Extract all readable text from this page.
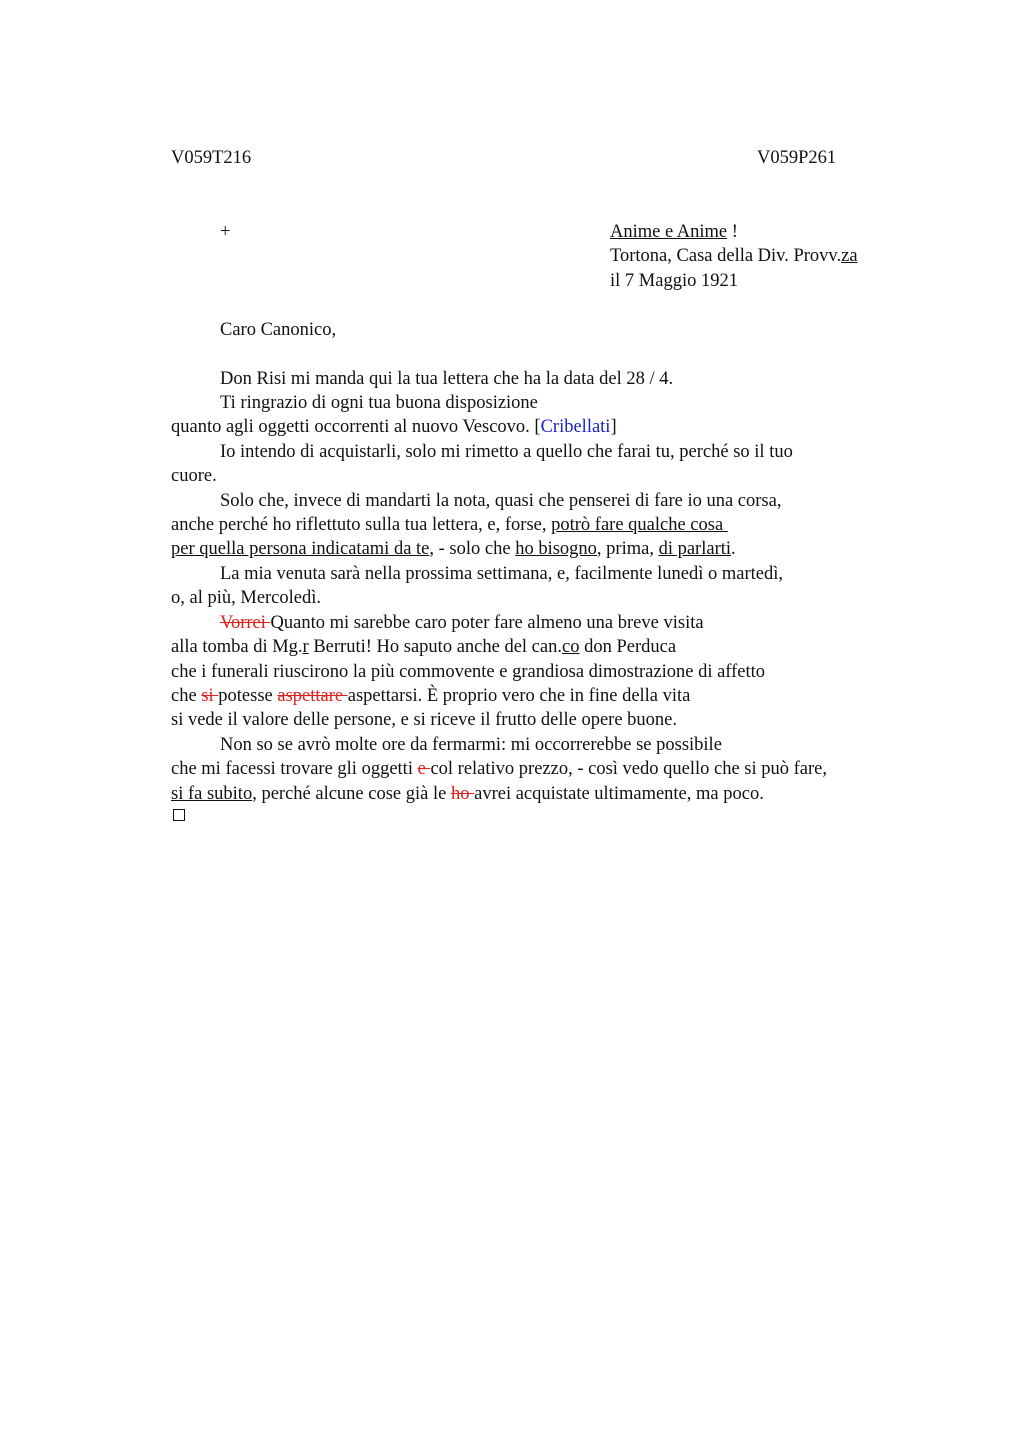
V059T216	V059P261
+	Anime e Anime !
Tortona, Casa della Div. Provv.za
il 7 Maggio 1921
Caro Canonico,
Don Risi mi manda qui la tua lettera che ha la data del 28 / 4.
Ti ringrazio di ogni tua buona disposizione
quanto agli oggetti occorrenti al nuovo Vescovo. [Cribellati]
Io intendo di acquistarli, solo mi rimetto a quello che farai tu, perché so il tuo
cuore.
Solo che, invece di mandarti la nota, quasi che penserei di fare io una corsa,
anche perché ho riflettuto sulla tua lettera, e, forse, potrò fare qualche cosa
per quella persona indicatami da te, - solo che ho bisogno, prima, di parlarti.
La mia venuta sarà nella prossima settimana, e, facilmente lunedì o martedì,
o, al più, Mercoledì.
Vorrei Quanto mi sarebbe caro poter fare almeno una breve visita
alla tomba di Mg.r Berruti! Ho saputo anche del can.co don Perduca
che i funerali riuscirono la più commovente e grandiosa dimostrazione di affetto
che si potesse aspettare aspettarsi. È proprio vero che in fine della vita
si vede il valore delle persone, e si riceve il frutto delle opere buone.
Non so se avrò molte ore da fermarmi: mi occorrerebbe se possibile
che mi facessi trovare gli oggetti e col relativo prezzo, - così vedo quello che si può fare,
si fa subito, perché alcune cose già le ho avrei acquistate ultimamente, ma poco.
